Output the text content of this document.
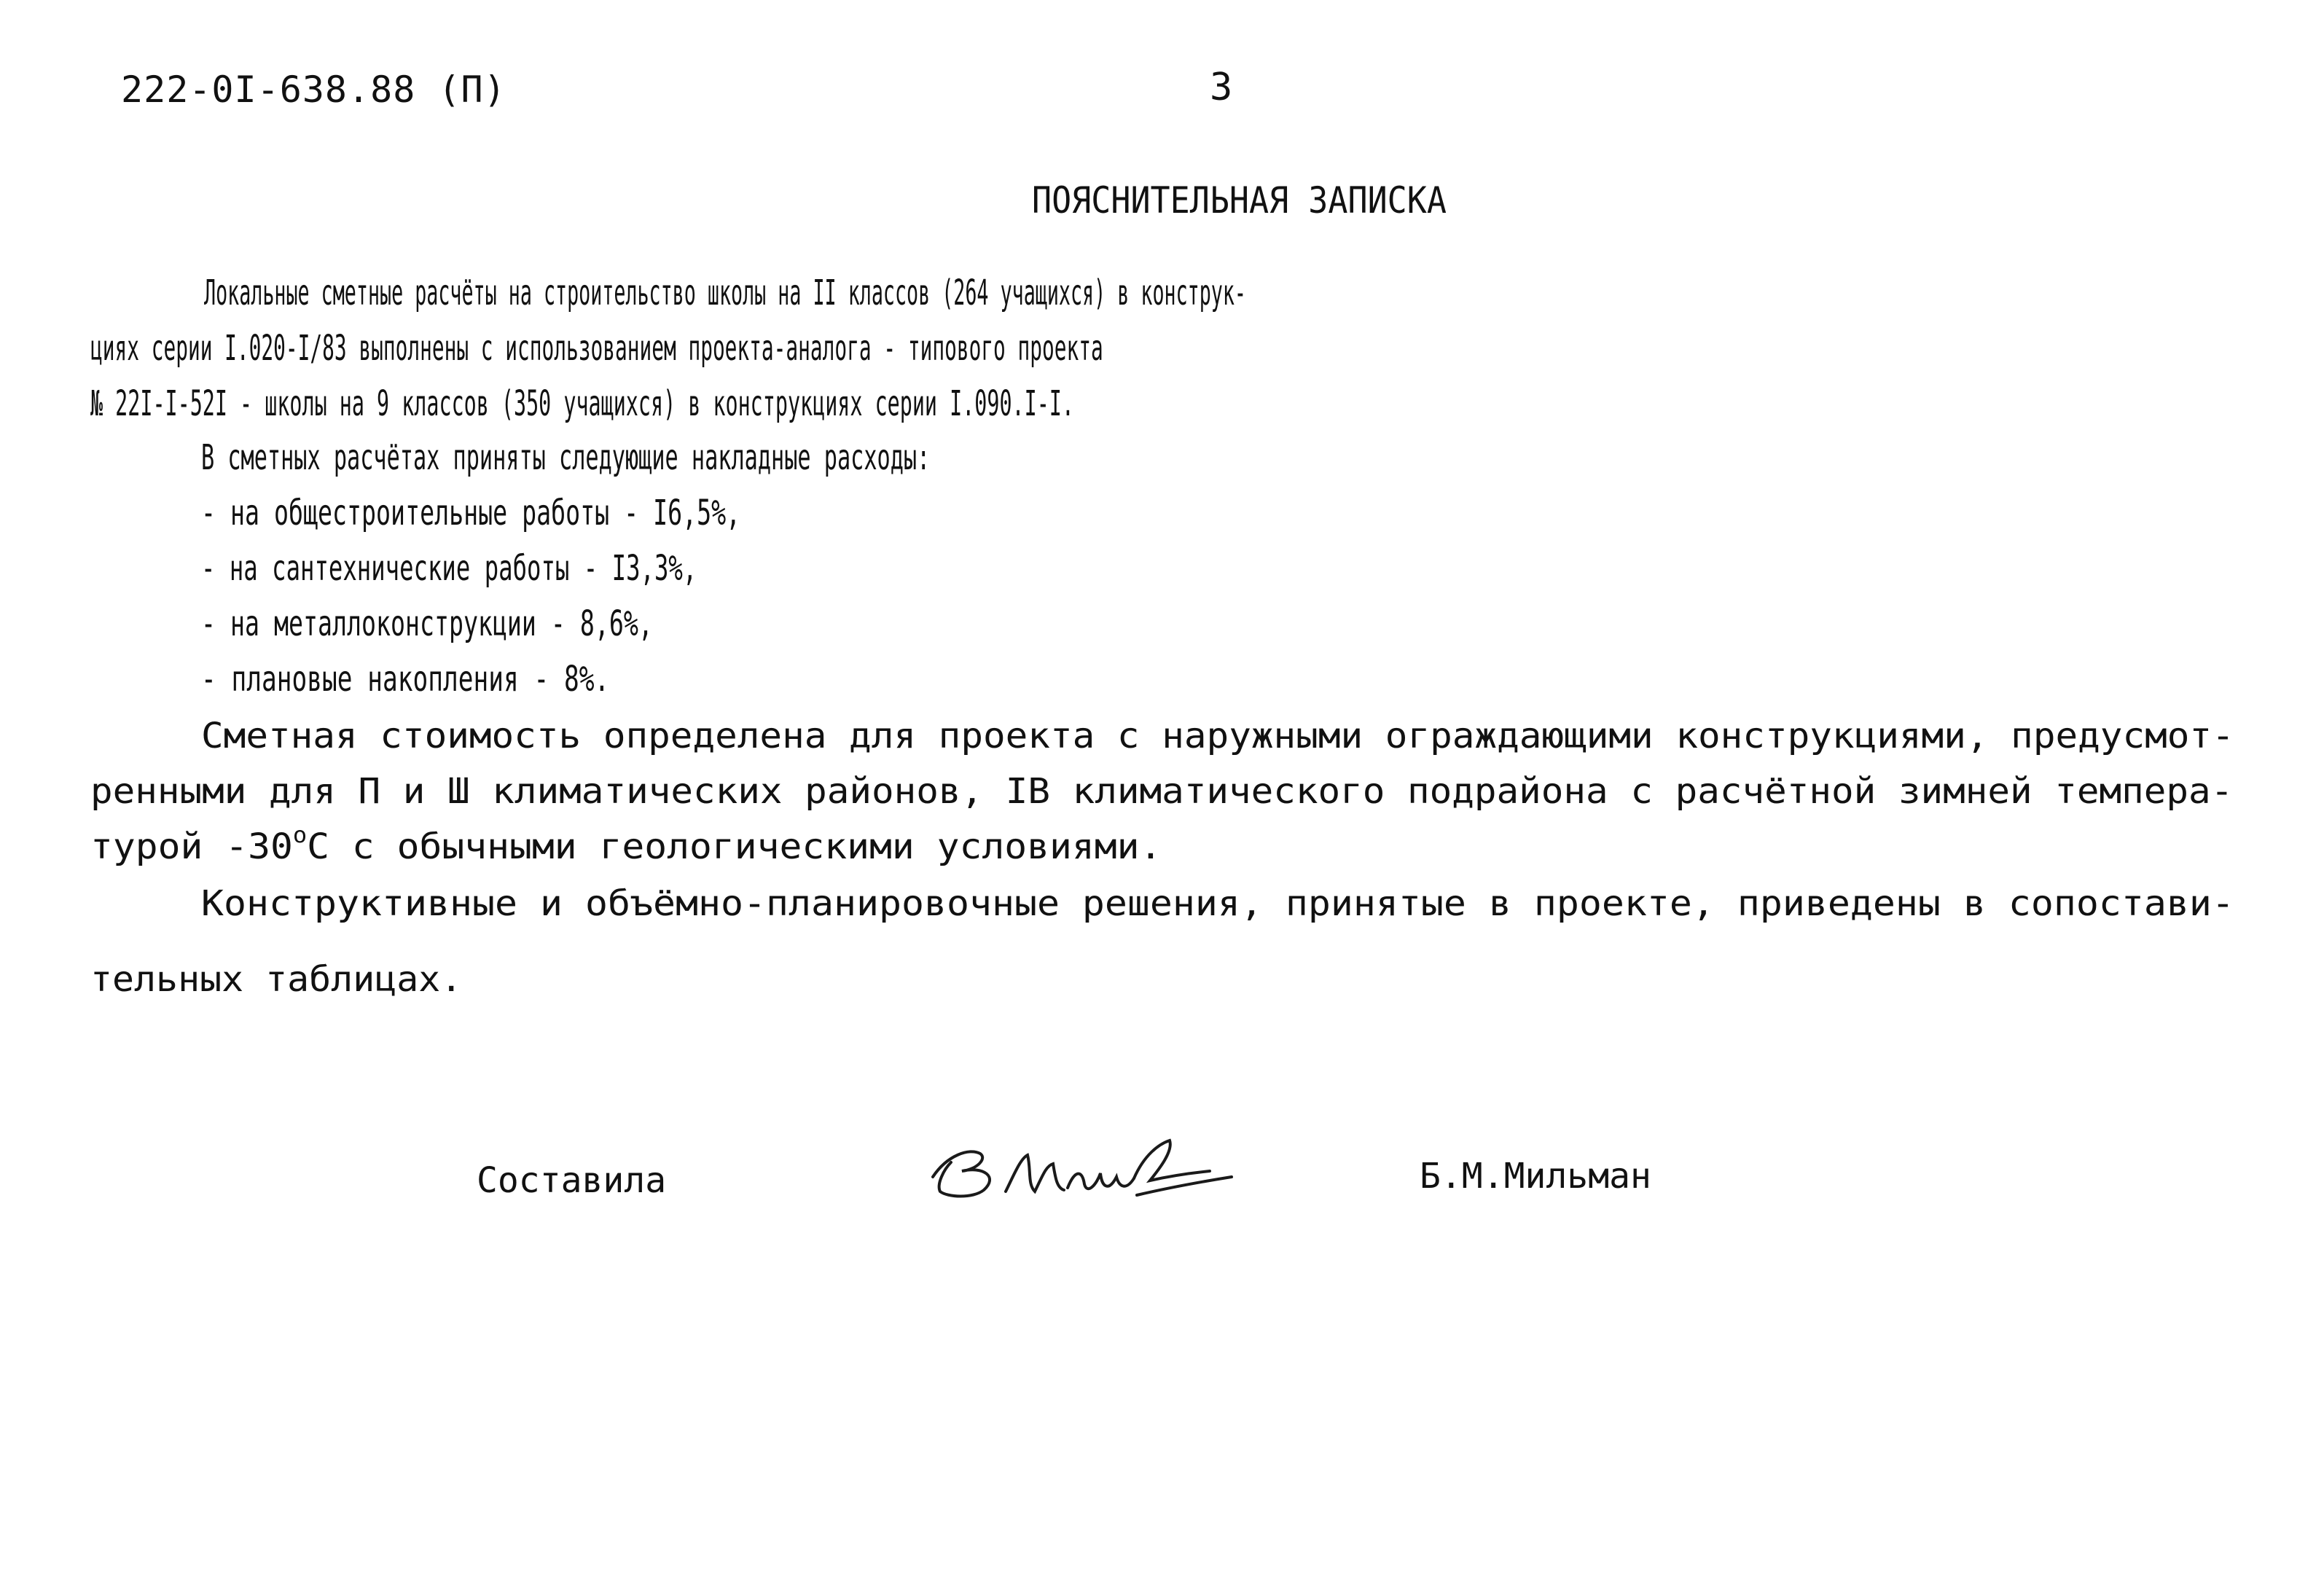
222-0I-638.88 (П)	3
ПОЯСНИТЕЛЬНАЯ ЗАПИСКА
Локальные сметные расчёты на строительство школы на II классов (264 учащихся) в конструк-
циях серии I.020-I/83 выполнены с использованием проекта-аналога - типового проекта
№ 22I-I-52I - школы на 9 классов (350 учащихся) в конструкциях серии I.090.I-I.
В сметных расчётах приняты следующие накладные расходы:
- на общестроительные работы - I6,5%,
- на сантехнические работы - I3,3%,
- на металлоконструкции - 8,6%,
- плановые накопления - 8%.
Сметная стоимость определена для проекта с наружными ограждающими конструкциями, предусмот-
ренными для П и Ш климатических районов, IВ климатического подрайона с расчётной зимней темпера-
турой $-30^оС$ с обычными геологическими условиями.
Конструктивные и объёмно-планировочные решения, принятые в проекте, приведены в сопостави-
тельных таблицах.
Составила	Б.М.Мильман
